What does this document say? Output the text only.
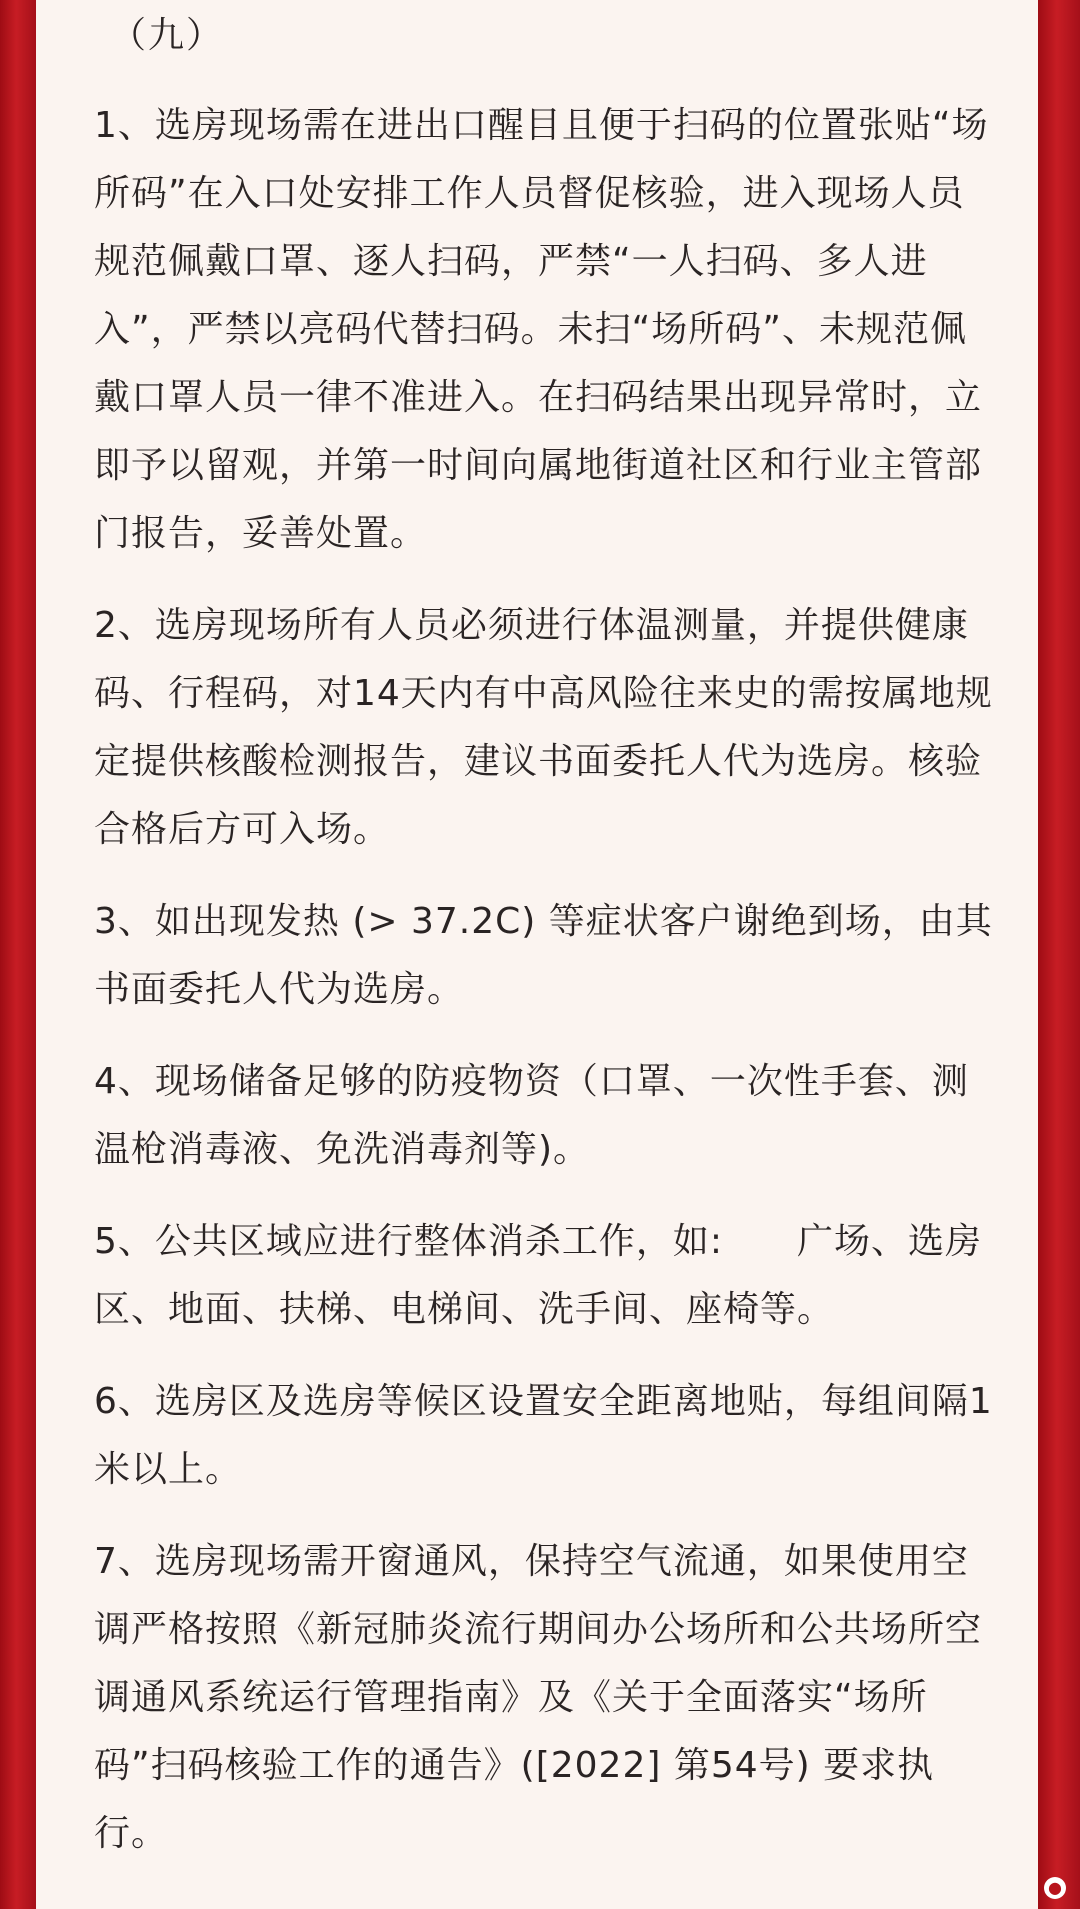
（九）

1、选房现场需在进出口醒目且便于扫码的位置张贴“场所码”在入口处安排工作人员督促核验，进入现场人员规范佩戴口罩、逐人扫码，严禁“一人扫码、多人进入”，严禁以亮码代替扫码。未扫“场所码”、未规范佩戴口罩人员一律不准进入。在扫码结果出现异常时，立即予以留观，并第一时间向属地街道社区和行业主管部门报告，妥善处置。

2、选房现场所有人员必须进行体温测量，并提供健康码、行程码，对14天内有中高风险往来史的需按属地规定提供核酸检测报告，建议书面委托人代为选房。核验合格后方可入场。

3、如出现发热 (> 37.2C) 等症状客户谢绝到场，由其书面委托人代为选房。

4、现场储备足够的防疫物资（口罩、一次性手套、测温枪消毒液、免洗消毒剂等)。

5、公共区域应进行整体消杀工作，如:　　广场、选房区、地面、扶梯、电梯间、洗手间、座椅等。

6、选房区及选房等候区设置安全距离地贴，每组间隔1米以上。

7、选房现场需开窗通风，保持空气流通，如果使用空调严格按照《新冠肺炎流行期间办公场所和公共场所空调通风系统运行管理指南》及《关于全面落实“场所码”扫码核验工作的通告》([2022] 第54号) 要求执行。

●
